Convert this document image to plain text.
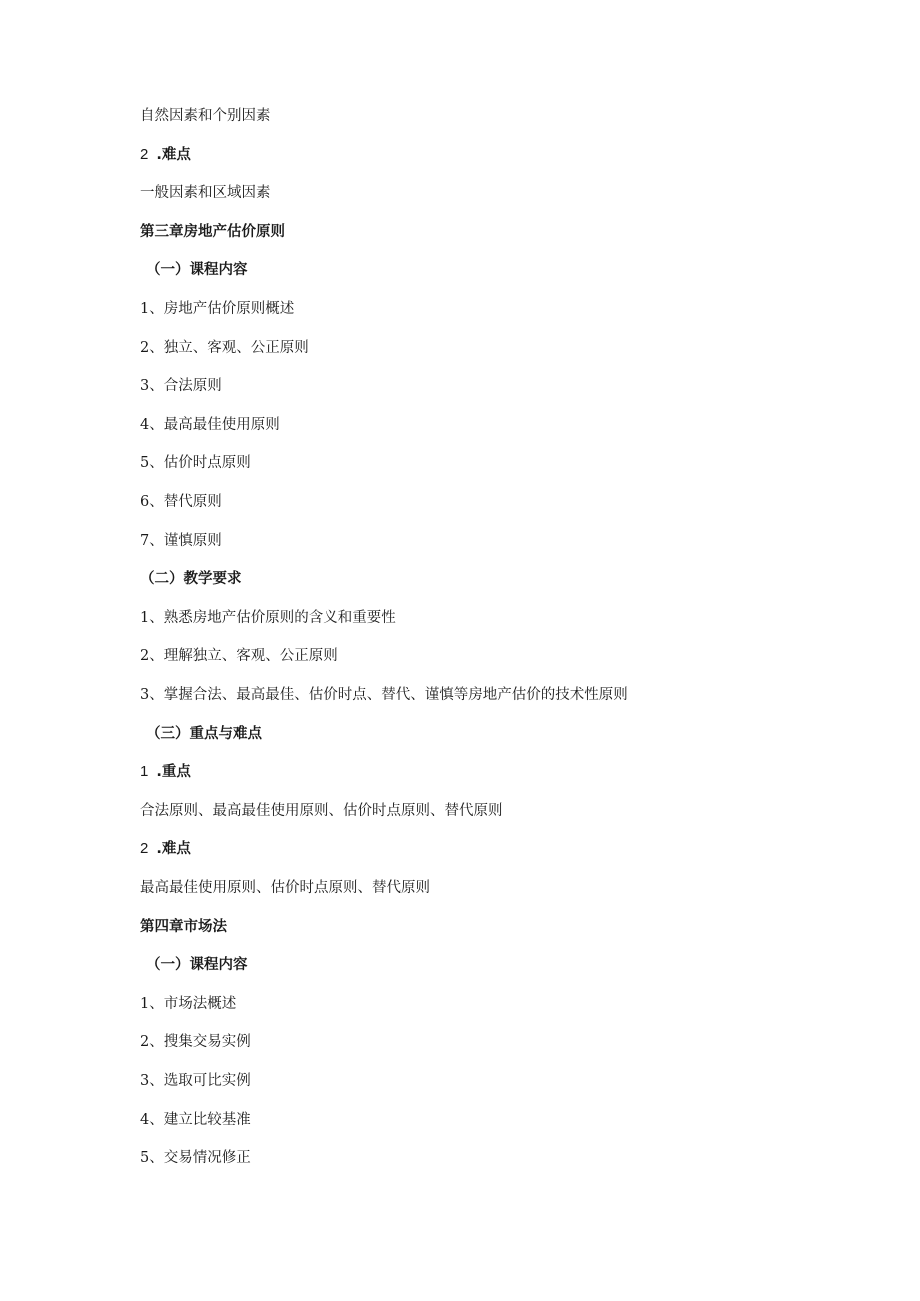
自然因素和个别因素
2 .难点
一般因素和区域因素
第三章房地产估价原则
（一）课程内容
1、房地产估价原则概述
2、独立、客观、公正原则
3、合法原则
4、最高最佳使用原则
5、估价时点原则
6、替代原则
7、谨慎原则
（二）教学要求
1、熟悉房地产估价原则的含义和重要性
2、理解独立、客观、公正原则
3、掌握合法、最高最佳、估价时点、替代、谨慎等房地产估价的技术性原则
（三）重点与难点
1 .重点
合法原则、最高最佳使用原则、估价时点原则、替代原则
2 .难点
最高最佳使用原则、估价时点原则、替代原则
第四章市场法
（一）课程内容
1、市场法概述
2、搜集交易实例
3、选取可比实例
4、建立比较基准
5、交易情况修正
